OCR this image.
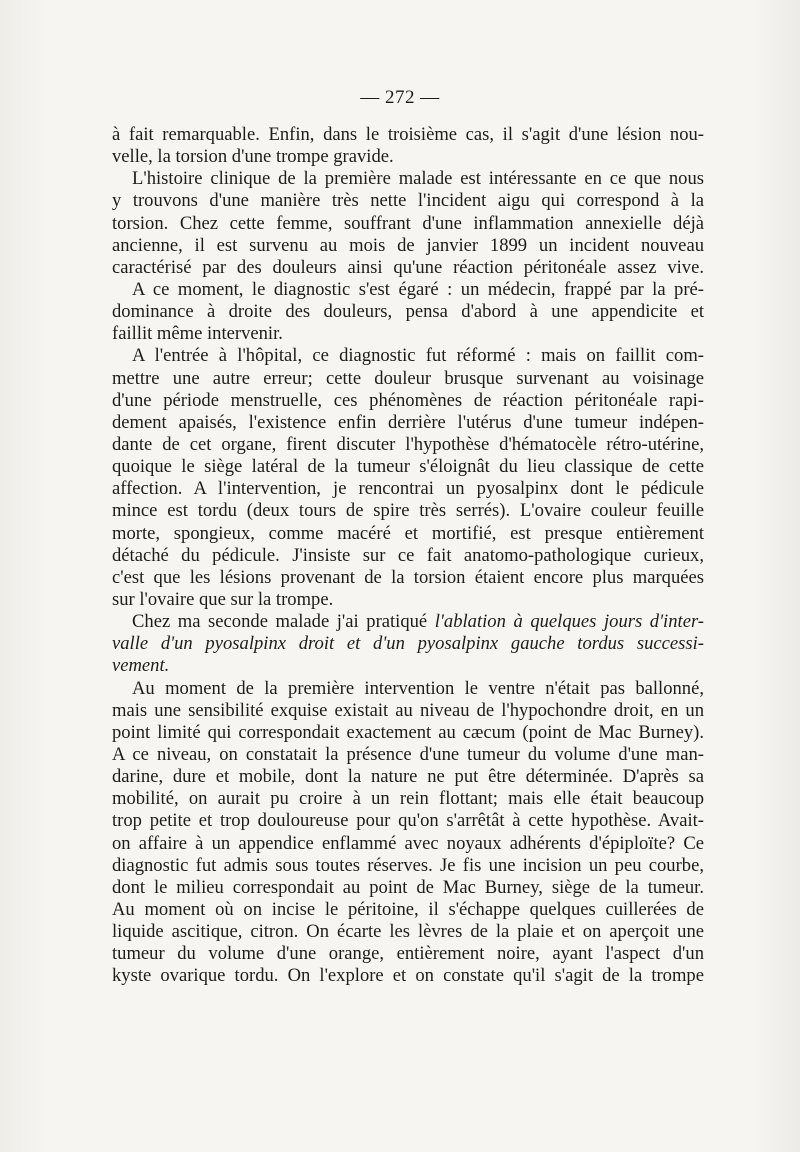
— 272 —
à fait remarquable. Enfin, dans le troisième cas, il s'agit d'une lésion nou-
velle, la torsion d'une trompe gravide.
L'histoire clinique de la première malade est intéressante en ce que nous
y trouvons d'une manière très nette l'incident aigu qui correspond à la
torsion. Chez cette femme, souffrant d'une inflammation annexielle déjà
ancienne, il est survenu au mois de janvier 1899 un incident nouveau
caractérisé par des douleurs ainsi qu'une réaction péritonéale assez vive.
A ce moment, le diagnostic s'est égaré : un médecin, frappé par la pré-
dominance à droite des douleurs, pensa d'abord à une appendicite et
faillit même intervenir.
A l'entrée à l'hôpital, ce diagnostic fut réformé : mais on faillit com-
mettre une autre erreur; cette douleur brusque survenant au voisinage
d'une période menstruelle, ces phénomènes de réaction péritonéale rapi-
dement apaisés, l'existence enfin derrière l'utérus d'une tumeur indépen-
dante de cet organe, firent discuter l'hypothèse d'hématocèle rétro-utérine,
quoique le siège latéral de la tumeur s'éloignât du lieu classique de cette
affection. A l'intervention, je rencontrai un pyosalpinx dont le pédicule
mince est tordu (deux tours de spire très serrés). L'ovaire couleur feuille
morte, spongieux, comme macéré et mortifié, est presque entièrement
détaché du pédicule. J'insiste sur ce fait anatomo-pathologique curieux,
c'est que les lésions provenant de la torsion étaient encore plus marquées
sur l'ovaire que sur la trompe.
Chez ma seconde malade j'ai pratiqué l'ablation à quelques jours d'inter-
valle d'un pyosalpinx droit et d'un pyosalpinx gauche tordus successi-
vement.
Au moment de la première intervention le ventre n'était pas ballonné,
mais une sensibilité exquise existait au niveau de l'hypochondre droit, en un
point limité qui correspondait exactement au cæcum (point de Mac Burney).
A ce niveau, on constatait la présence d'une tumeur du volume d'une man-
darine, dure et mobile, dont la nature ne put être déterminée. D'après sa
mobilité, on aurait pu croire à un rein flottant; mais elle était beaucoup
trop petite et trop douloureuse pour qu'on s'arrêtât à cette hypothèse. Avait-
on affaire à un appendice enflammé avec noyaux adhérents d'épiploïte? Ce
diagnostic fut admis sous toutes réserves. Je fis une incision un peu courbe,
dont le milieu correspondait au point de Mac Burney, siège de la tumeur.
Au moment où on incise le péritoine, il s'échappe quelques cuillerées de
liquide ascitique, citron. On écarte les lèvres de la plaie et on aperçoit une
tumeur du volume d'une orange, entièrement noire, ayant l'aspect d'un
kyste ovarique tordu. On l'explore et on constate qu'il s'agit de la trompe
